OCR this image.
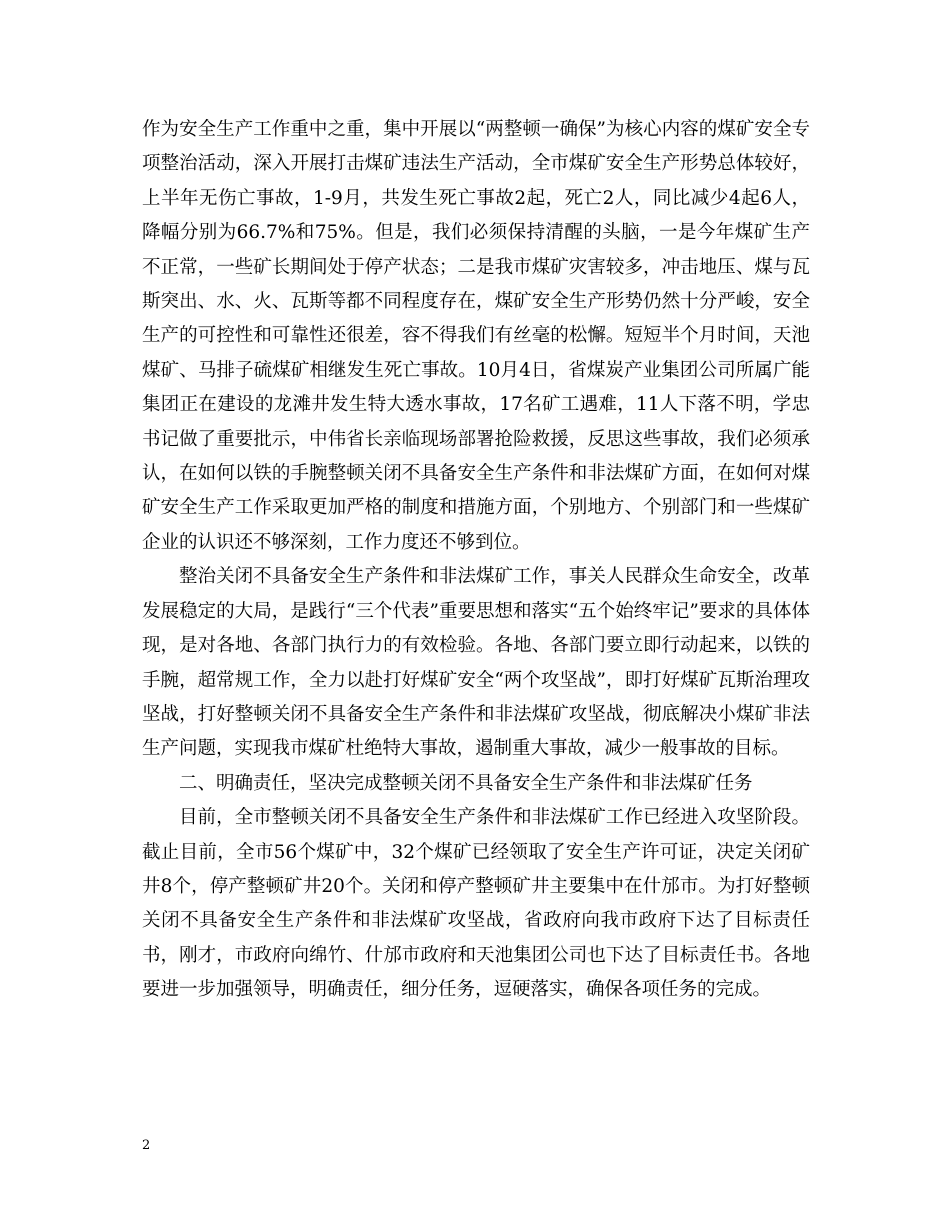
作为安全生产工作重中之重，集中开展以“两整顿一确保”为核心内容的煤矿安全专项整治活动，深入开展打击煤矿违法生产活动，全市煤矿安全生产形势总体较好，上半年无伤亡事故，1-9月，共发生死亡事故2起，死亡2人，同比减少4起6人，降幅分别为66.7%和75%。但是，我们必须保持清醒的头脑，一是今年煤矿生产不正常，一些矿长期间处于停产状态；二是我市煤矿灾害较多，冲击地压、煤与瓦斯突出、水、火、瓦斯等都不同程度存在，煤矿安全生产形势仍然十分严峻，安全生产的可控性和可靠性还很差，容不得我们有丝毫的松懈。短短半个月时间，天池煤矿、马排子硫煤矿相继发生死亡事故。10月4日，省煤炭产业集团公司所属广能集团正在建设的龙滩井发生特大透水事故，17名矿工遇难，11人下落不明，学忠书记做了重要批示，中伟省长亲临现场部署抢险救援，反思这些事故，我们必须承认，在如何以铁的手腕整顿关闭不具备安全生产条件和非法煤矿方面，在如何对煤矿安全生产工作采取更加严格的制度和措施方面，个别地方、个别部门和一些煤矿企业的认识还不够深刻，工作力度还不够到位。

整治关闭不具备安全生产条件和非法煤矿工作，事关人民群众生命安全，改革发展稳定的大局，是践行“三个代表”重要思想和落实“五个始终牢记”要求的具体体现，是对各地、各部门执行力的有效检验。各地、各部门要立即行动起来，以铁的手腕，超常规工作，全力以赴打好煤矿安全“两个攻坚战”，即打好煤矿瓦斯治理攻坚战，打好整顿关闭不具备安全生产条件和非法煤矿攻坚战，彻底解决小煤矿非法生产问题，实现我市煤矿杜绝特大事故，遏制重大事故，减少一般事故的目标。

二、明确责任，坚决完成整顿关闭不具备安全生产条件和非法煤矿任务

目前，全市整顿关闭不具备安全生产条件和非法煤矿工作已经进入攻坚阶段。截止目前，全市56个煤矿中，32个煤矿已经领取了安全生产许可证，决定关闭矿井8个，停产整顿矿井20个。关闭和停产整顿矿井主要集中在什邡市。为打好整顿关闭不具备安全生产条件和非法煤矿攻坚战，省政府向我市政府下达了目标责任书，刚才，市政府向绵竹、什邡市政府和天池集团公司也下达了目标责任书。各地要进一步加强领导，明确责任，细分任务，逗硬落实，确保各项任务的完成。

2
